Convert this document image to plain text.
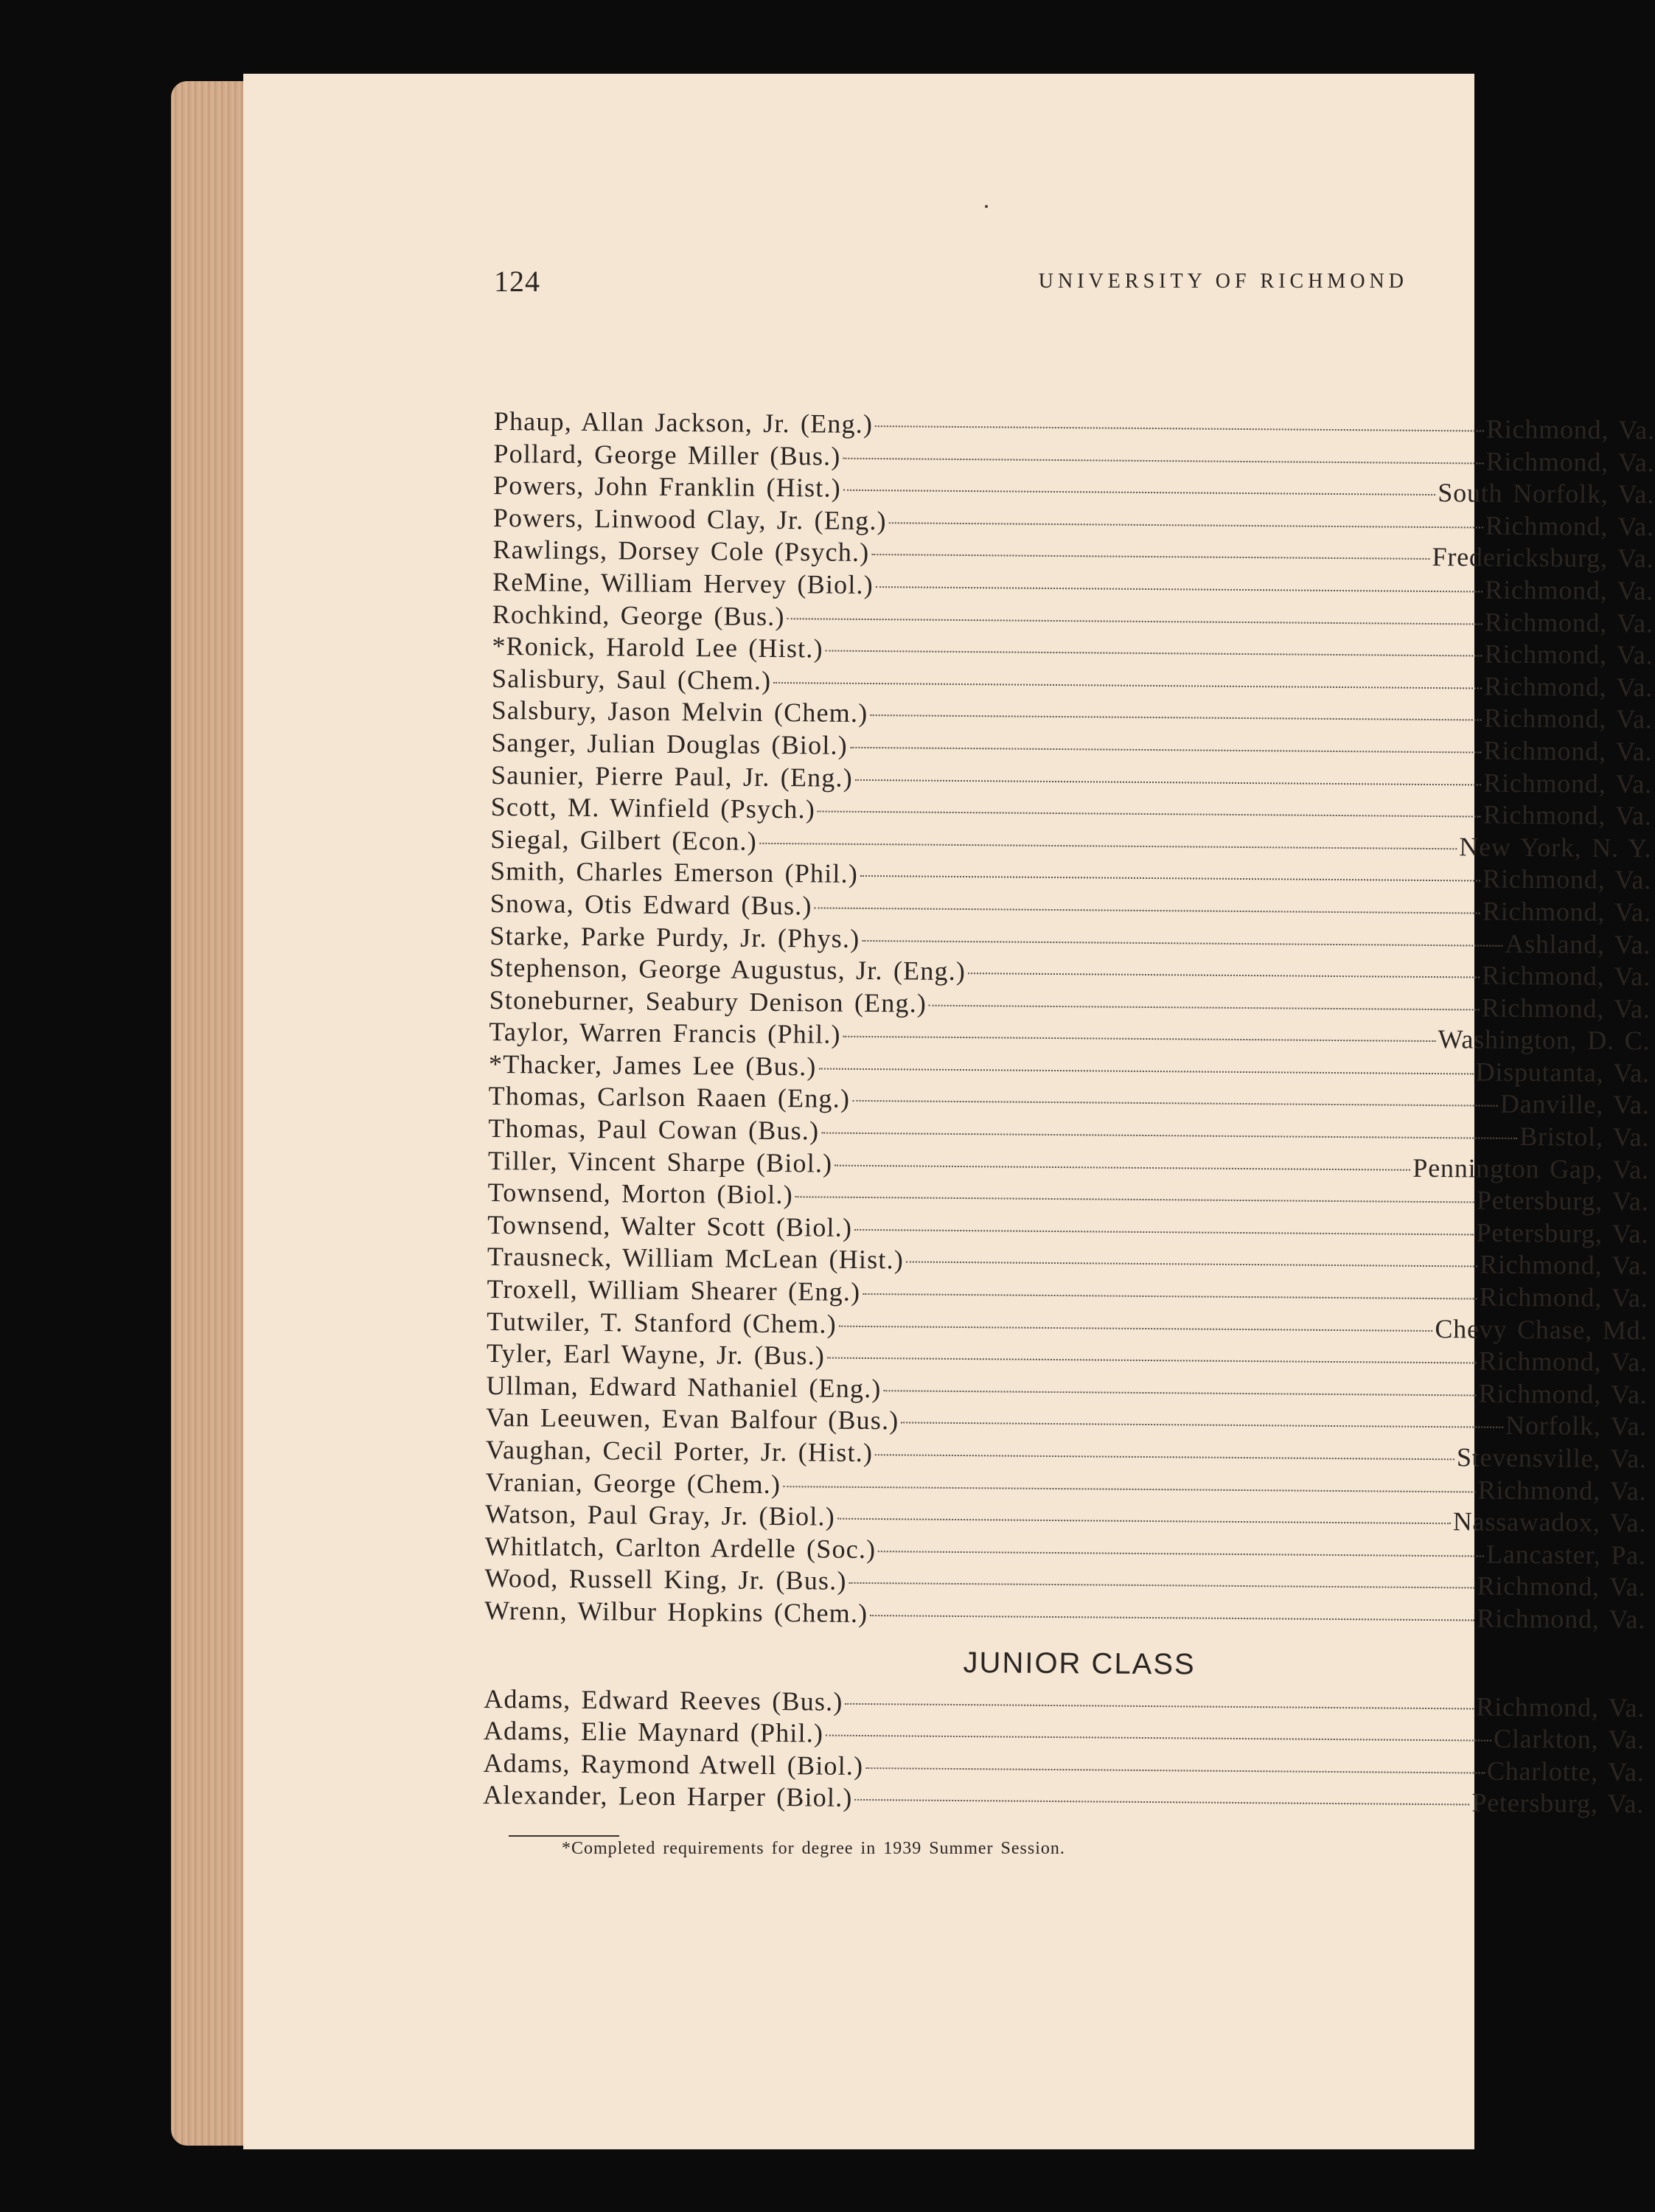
124	UNIVERSITY OF RICHMOND
Phaup, Allan Jackson, Jr. (Eng.)	Richmond, Va.
Pollard, George Miller (Bus.)	Richmond, Va.
Powers, John Franklin (Hist.)	South Norfolk, Va.
Powers, Linwood Clay, Jr. (Eng.)	Richmond, Va.
Rawlings, Dorsey Cole (Psych.)	Fredericksburg, Va.
ReMine, William Hervey (Biol.)	Richmond, Va.
Rochkind, George (Bus.)	Richmond, Va.
*Ronick, Harold Lee (Hist.)	Richmond, Va.
Salisbury, Saul (Chem.)	Richmond, Va.
Salsbury, Jason Melvin (Chem.)	Richmond, Va.
Sanger, Julian Douglas (Biol.)	Richmond, Va.
Saunier, Pierre Paul, Jr. (Eng.)	Richmond, Va.
Scott, M. Winfield (Psych.)	Richmond, Va.
Siegal, Gilbert (Econ.)	New York, N. Y.
Smith, Charles Emerson (Phil.)	Richmond, Va.
Snowa, Otis Edward (Bus.)	Richmond, Va.
Starke, Parke Purdy, Jr. (Phys.)	Ashland, Va.
Stephenson, George Augustus, Jr. (Eng.)	Richmond, Va.
Stoneburner, Seabury Denison (Eng.)	Richmond, Va.
Taylor, Warren Francis (Phil.)	Washington, D. C.
*Thacker, James Lee (Bus.)	Disputanta, Va.
Thomas, Carlson Raaen (Eng.)	Danville, Va.
Thomas, Paul Cowan (Bus.)	Bristol, Va.
Tiller, Vincent Sharpe (Biol.)	Pennington Gap, Va.
Townsend, Morton (Biol.)	Petersburg, Va.
Townsend, Walter Scott (Biol.)	Petersburg, Va.
Trausneck, William McLean (Hist.)	Richmond, Va.
Troxell, William Shearer (Eng.)	Richmond, Va.
Tutwiler, T. Stanford (Chem.)	Chevy Chase, Md.
Tyler, Earl Wayne, Jr. (Bus.)	Richmond, Va.
Ullman, Edward Nathaniel (Eng.)	Richmond, Va.
Van Leeuwen, Evan Balfour (Bus.)	Norfolk, Va.
Vaughan, Cecil Porter, Jr. (Hist.)	Stevensville, Va.
Vranian, George (Chem.)	Richmond, Va.
Watson, Paul Gray, Jr. (Biol.)	Nassawadox, Va.
Whitlatch, Carlton Ardelle (Soc.)	Lancaster, Pa.
Wood, Russell King, Jr. (Bus.)	Richmond, Va.
Wrenn, Wilbur Hopkins (Chem.)	Richmond, Va.
JUNIOR CLASS
Adams, Edward Reeves (Bus.)	Richmond, Va.
Adams, Elie Maynard (Phil.)	Clarkton, Va.
Adams, Raymond Atwell (Biol.)	Charlotte, Va.
Alexander, Leon Harper (Biol.)	Petersburg, Va.
*Completed requirements for degree in 1939 Summer Session.
